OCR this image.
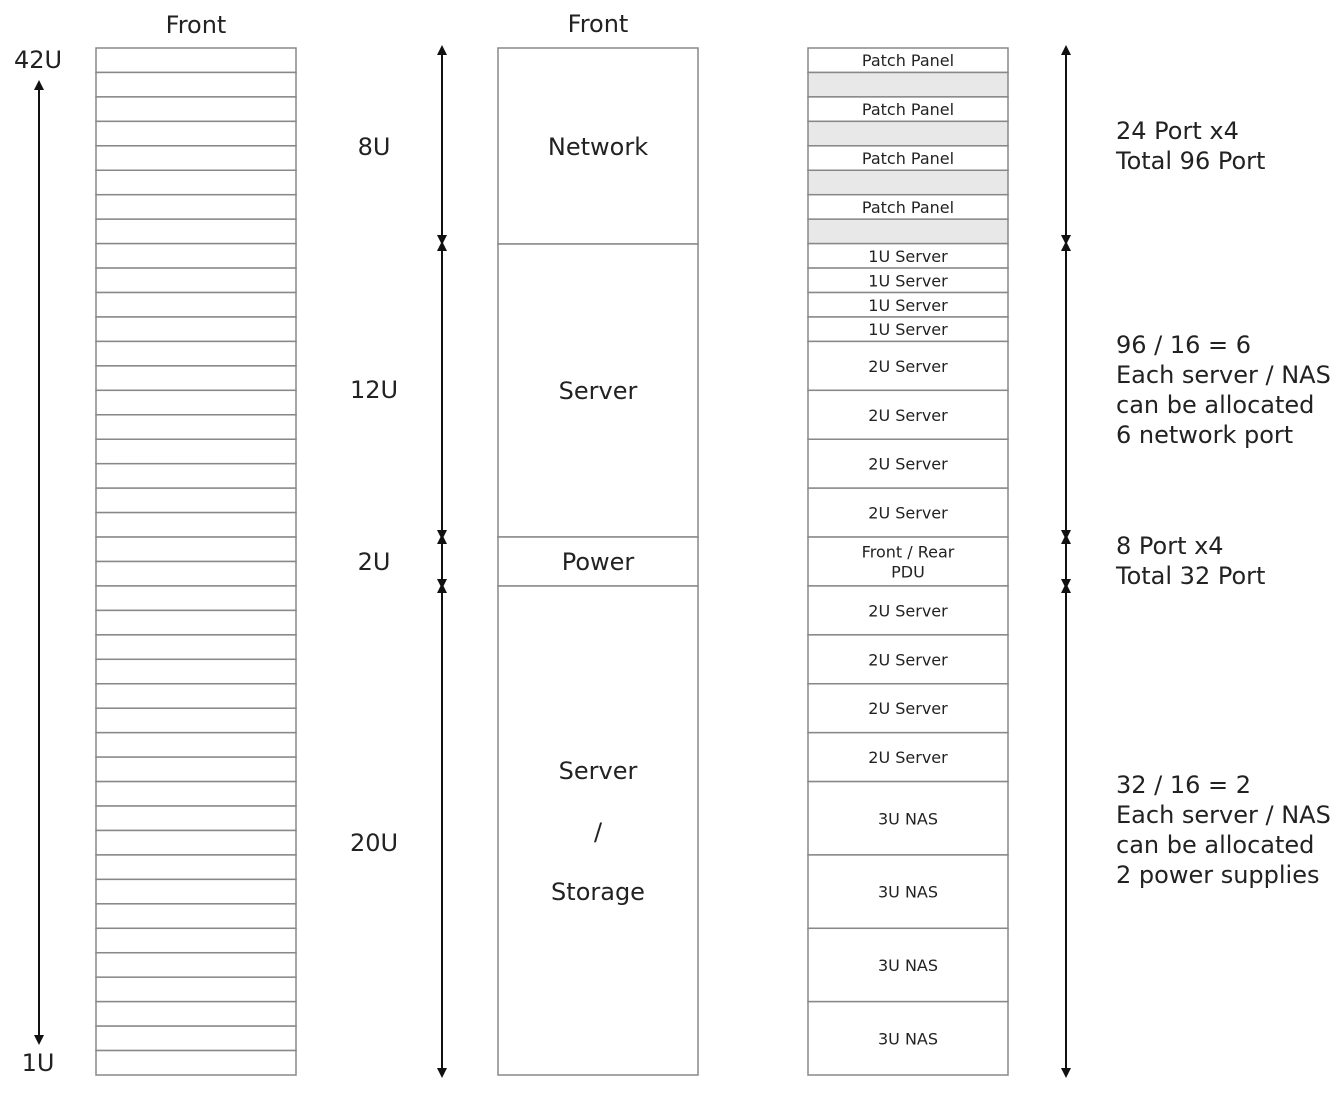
Front
42U
1U
Front
Network
8U
Server
12U
Power
2U
Server
/
Storage
20U
Patch Panel
Patch Panel
Patch Panel
Patch Panel
1U Server
1U Server
1U Server
1U Server
2U Server
2U Server
2U Server
2U Server
Front / Rear
PDU
2U Server
2U Server
2U Server
2U Server
3U NAS
3U NAS
3U NAS
3U NAS
24 Port x4
Total 96 Port
96 / 16 = 6
Each server / NAS
can be allocated
6 network port
8 Port x4
Total 32 Port
32 / 16 = 2
Each server / NAS
can be allocated
2 power supplies
